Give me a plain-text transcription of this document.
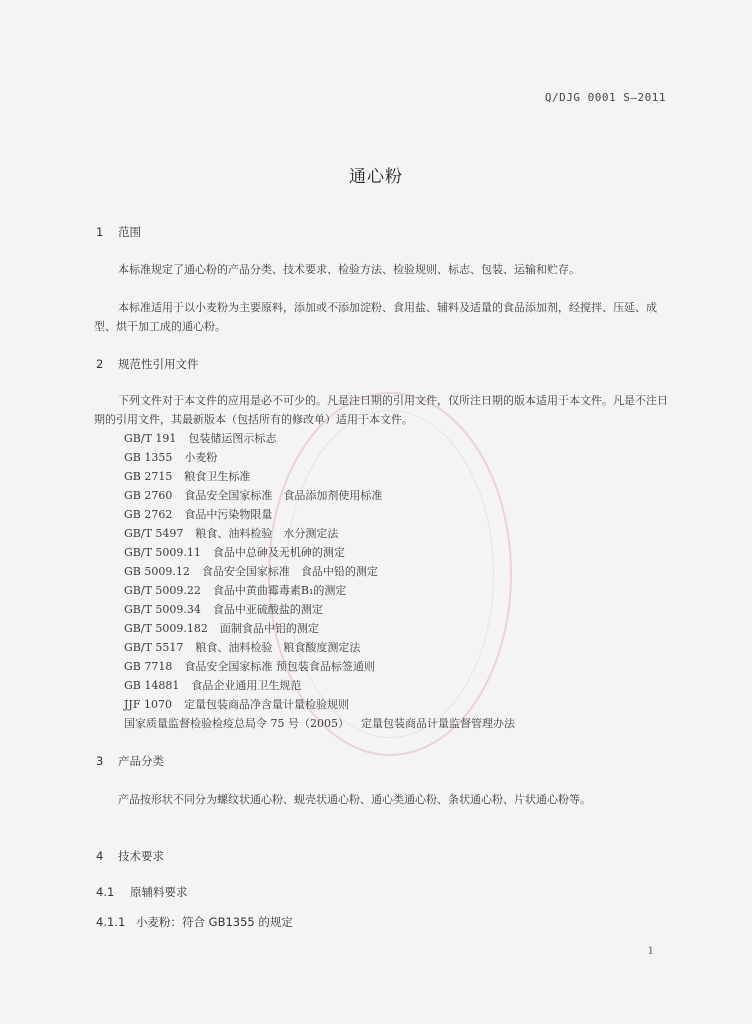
Q/DJG 0001 S—2011
通心粉
1 范围
本标准规定了通心粉的产品分类、技术要求、检验方法、检验规则、标志、包装、运输和贮存。
本标准适用于以小麦粉为主要原料，添加或不添加淀粉、食用盐、辅料及适量的食品添加剂，经搅拌、压延、成型、烘干加工成的通心粉。
2 规范性引用文件
下列文件对于本文件的应用是必不可少的。凡是注日期的引用文件，仅所注日期的版本适用于本文件。凡是不注日期的引用文件，其最新版本（包括所有的修改单）适用于本文件。
GB/T 191 包装储运图示标志
GB 1355 小麦粉
GB 2715 粮食卫生标准
GB 2760 食品安全国家标准　食品添加剂使用标准
GB 2762 食品中污染物限量
GB/T 5497 粮食、油料检验　水分测定法
GB/T 5009.11 食品中总砷及无机砷的测定
GB 5009.12 食品安全国家标准　食品中铅的测定
GB/T 5009.22 食品中黄曲霉毒素B₁的测定
GB/T 5009.34 食品中亚硫酸盐的测定
GB/T 5009.182 面制食品中铝的测定
GB/T 5517 粮食、油料检验　粮食酸度测定法
GB 7718 食品安全国家标准 预包装食品标签通则
GB 14881 食品企业通用卫生规范
JJF 1070 定量包装商品净含量计量检验规则
国家质量监督检验检疫总局令 75 号（2005） 定量包装商品计量监督管理办法
3 产品分类
产品按形状不同分为螺纹状通心粉、蚬壳状通心粉、通心类通心粉、条状通心粉、片状通心粉等。
4 技术要求
4.1 原辅料要求
4.1.1 小麦粉：符合 GB1355 的规定
1
